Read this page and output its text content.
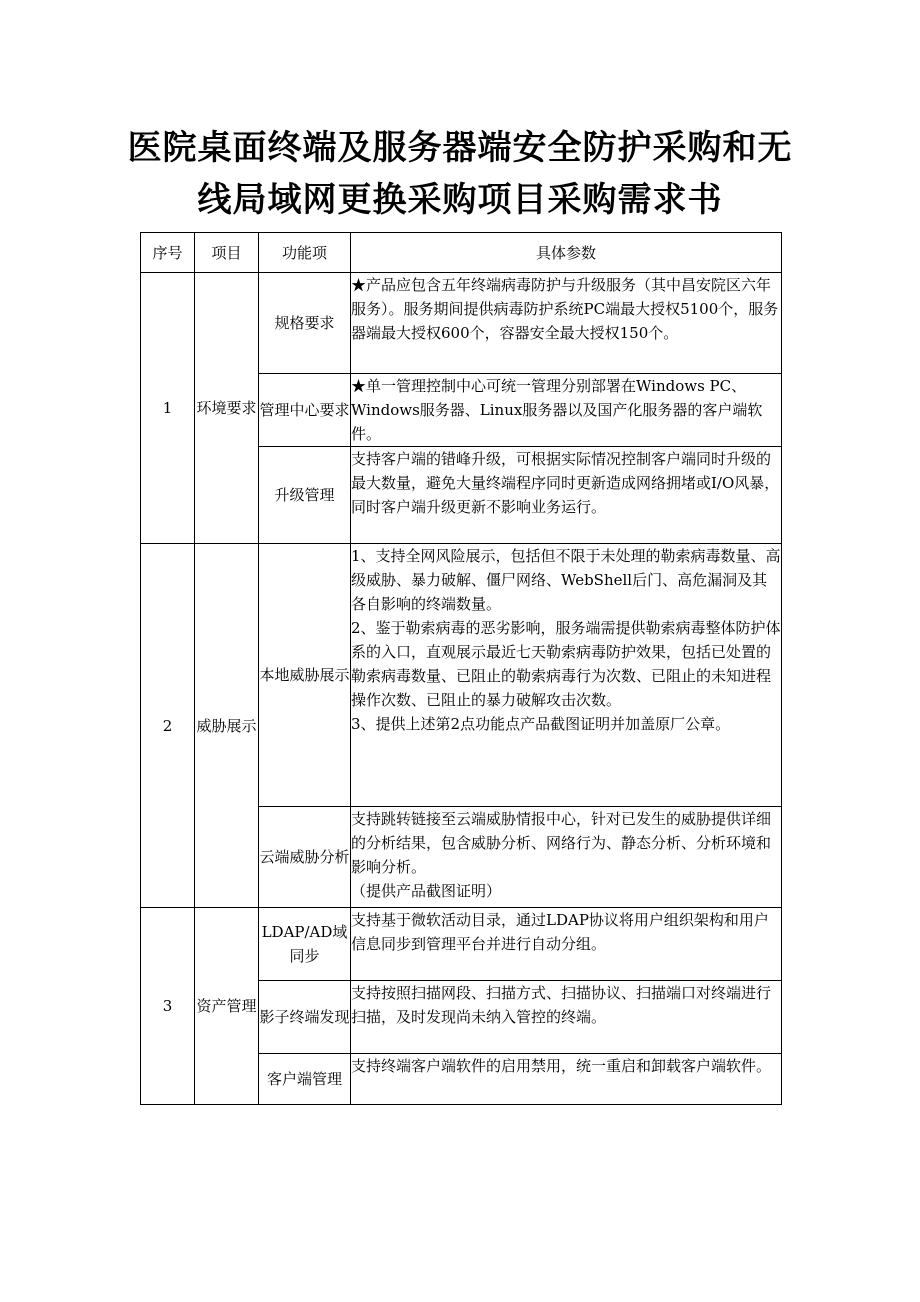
医院桌面终端及服务器端安全防护采购和无
线局域网更换采购项目采购需求书
序号	项目	功能项	具体参数
1	环境要求	规格要求	★产品应包含五年终端病毒防护与升级服务（其中昌安院区六年服务）。服务期间提供病毒防护系统PC端最大授权5100个，服务器端最大授权600个，容器安全最大授权150个。

		管理中心要求	★单一管理控制中心可统一管理分别部署在Windows PC、Windows服务器、Linux服务器以及国产化服务器的客户端软件。

		升级管理	支持客户端的错峰升级，可根据实际情况控制客户端同时升级的最大数量，避免大量终端程序同时更新造成网络拥堵或I/O风暴，同时客户端升级更新不影响业务运行。

2	威胁展示	本地威胁展示	1、支持全网风险展示，包括但不限于未处理的勒索病毒数量、高级威胁、暴力破解、僵尸网络、WebShell后门、高危漏洞及其各自影响的终端数量。

2、鉴于勒索病毒的恶劣影响，服务端需提供勒索病毒整体防护体系的入口，直观展示最近七天勒索病毒防护效果，包括已处置的勒索病毒数量、已阻止的勒索病毒行为次数、已阻止的未知进程操作次数、已阻止的暴力破解攻击次数。

3、提供上述第2点功能点产品截图证明并加盖原厂公章。

		云端威胁分析	支持跳转链接至云端威胁情报中心，针对已发生的威胁提供详细的分析结果，包含威胁分析、网络行为、静态分析、分析环境和影响分析。

（提供产品截图证明）

3	资产管理	LDAP/AD域同步	支持基于微软活动目录，通过LDAP协议将用户组织架构和用户信息同步到管理平台并进行自动分组。

		影子终端发现	支持按照扫描网段、扫描方式、扫描协议、扫描端口对终端进行扫描，及时发现尚未纳入管控的终端。

		客户端管理	支持终端客户端软件的启用禁用，统一重启和卸载客户端软件。
